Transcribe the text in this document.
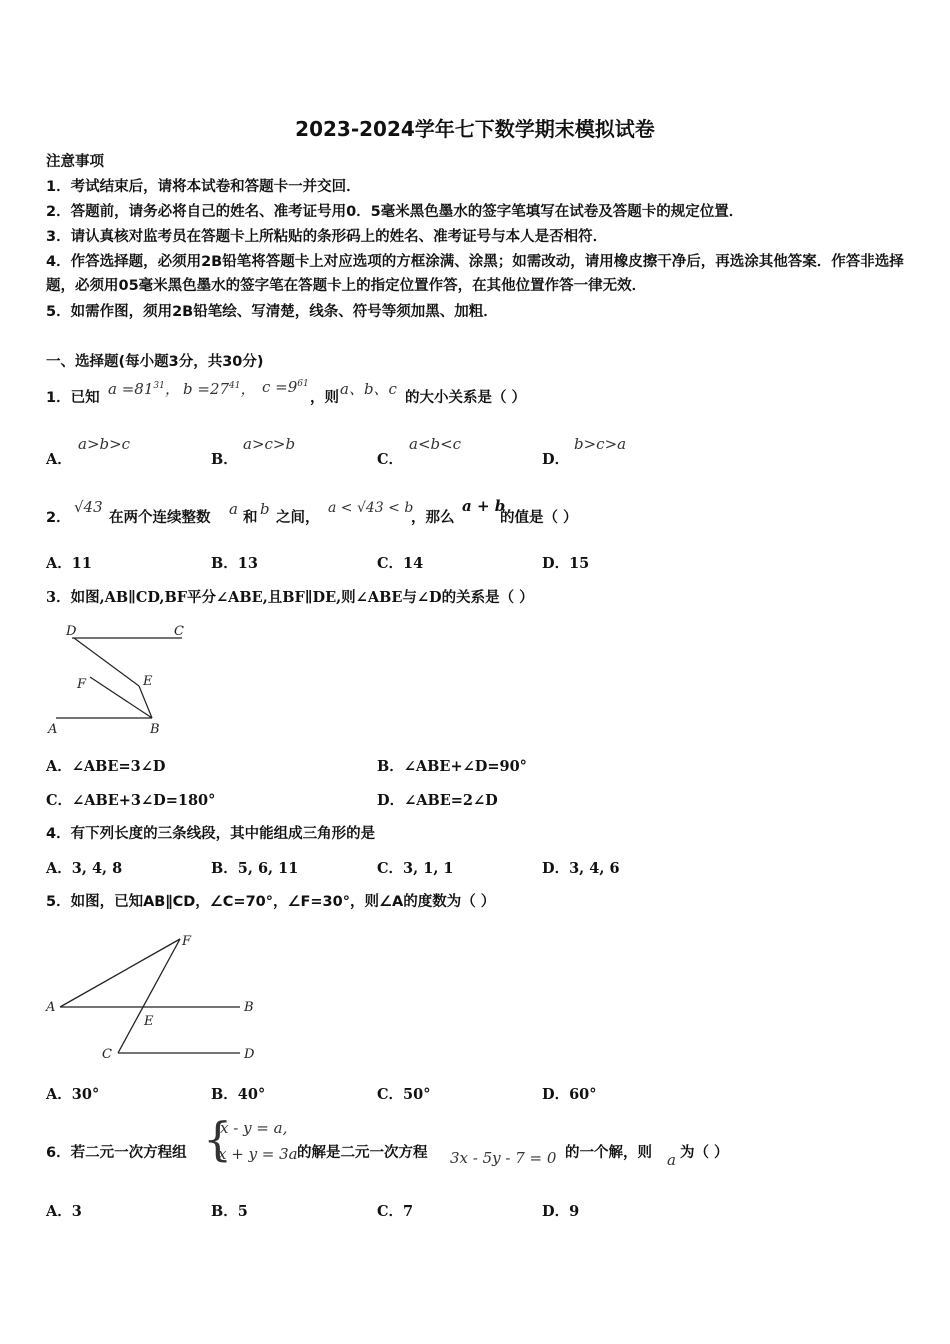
2023-2024学年七下数学期末模拟试卷
注意事项
1．考试结束后，请将本试卷和答题卡一并交回．
2．答题前，请务必将自己的姓名、准考证号用0．5毫米黑色墨水的签字笔填写在试卷及答题卡的规定位置．
3．请认真核对监考员在答题卡上所粘贴的条形码上的姓名、准考证号与本人是否相符．
4．作答选择题，必须用2B铅笔将答题卡上对应选项的方框涂满、涂黑；如需改动，请用橡皮擦干净后，再选涂其他答案．作答非选择题，必须用05毫米黑色墨水的签字笔在答题卡上的指定位置作答，在其他位置作答一律无效．
5．如需作图，须用2B铅笔绘、写清楚，线条、符号等须加黑、加粗．
一、选择题(每小题3分，共30分)
1．已知 $a =81^{31}$， $b =27^{41}$， $c =9^{61}$
，则 a、b、c 的大小关系是（ ）
A．
a>b>c
B．
a>c>b
C．
a<b<c
D．
b>c>a
2．
√43
在两个连续整数 a 和 b 之间，
a < √43 < b
，那么
a + b
的值是（ ）
A．11	B．13	C．14	D．15
3．如图,AB∥CD,BF平分∠ABE,且BF∥DE,则∠ABE与∠D的关系是（ ）
D	C
F	E
A	B
A．∠ABE=3∠D	B．∠ABE+∠D=90°
C．∠ABE+3∠D=180°	D．∠ABE=2∠D
4．有下列长度的三条线段，其中能组成三角形的是
A．3, 4, 8	B．5, 6, 11	C．3, 1, 1	D．3, 4, 6
5．如图，已知AB∥CD，∠C=70°，∠F=30°，则∠A的度数为（ ）
F
A	B
E
C	D
A．30°	B．40°	C．50°	D．60°
6．若二元一次方程组 {
x - y = a,
x + y = 3a 的解是二元一次方程 3x - 5y - 7 = 0 的一个解，则 a 为（ ）
A．3	B．5	C．7	D．9
